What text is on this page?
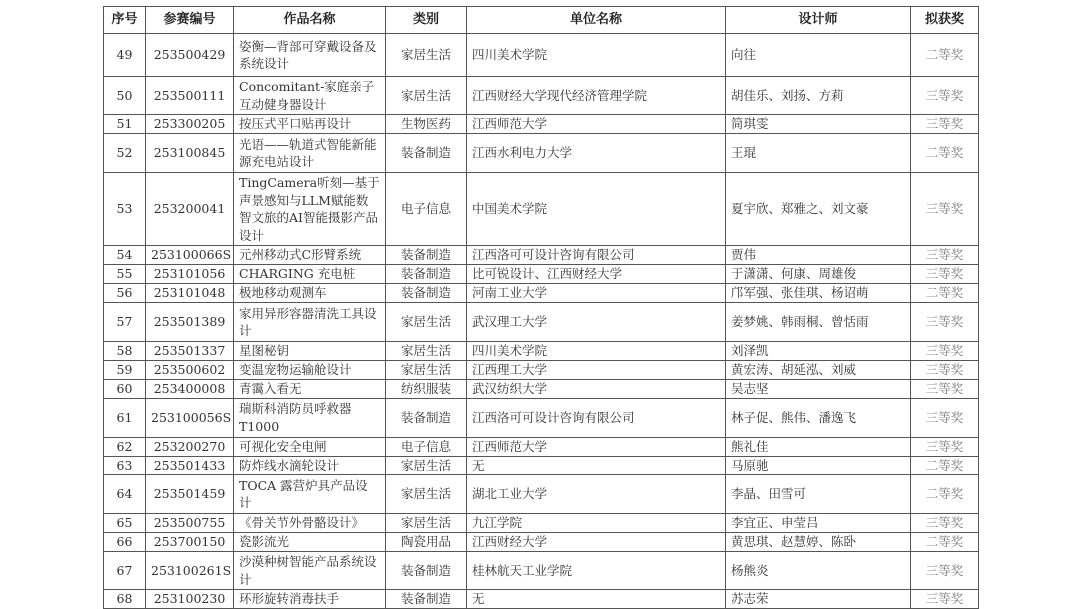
序号	参赛编号	作品名称	类别	单位名称	设计师	拟获奖
49	253500429	姿衡—背部可穿戴设备及系统设计	家居生活	四川美术学院	向往	二等奖
50	253500111	Concomitant-家庭亲子互动健身器设计	家居生活	江西财经大学现代经济管理学院	胡佳乐、刘扬、方莉	三等奖
51	253300205	按压式平口贴再设计	生物医药	江西师范大学	简琪雯	三等奖
52	253100845	光语——轨道式智能新能源充电站设计	装备制造	江西水利电力大学	王琨	二等奖
53	253200041	TingCamera听刻—基于声景感知与LLM赋能数智文旅的AI智能摄影产品设计	电子信息	中国美术学院	夏宇欣、郑雅之、刘文豪	三等奖
54	253100066S	元州移动式C形臂系统	装备制造	江西洛可可设计咨询有限公司	贾伟	三等奖
55	253101056	CHARGING 充电桩	装备制造	比可锐设计、江西财经大学	于潇潇、何康、周雄俊	三等奖
56	253101048	极地移动观测车	装备制造	河南工业大学	邝军强、张佳琪、杨诏萌	二等奖
57	253501389	家用异形容器清洗工具设计	家居生活	武汉理工大学	姜梦姚、韩雨桐、曾恬雨	三等奖
58	253501337	星图秘钥	家居生活	四川美术学院	刘泽凯	三等奖
59	253500602	变温宠物运输舱设计	家居生活	江西理工大学	黄宏涛、胡延泓、刘威	三等奖
60	253400008	青霭入看无	纺织服装	武汉纺织大学	吴志坚	三等奖
61	253100056S	瑞斯科消防员呼救器T1000	装备制造	江西洛可可设计咨询有限公司	林子促、熊伟、潘逸飞	三等奖
62	253200270	可视化安全电闸	电子信息	江西师范大学	熊礼佳	三等奖
63	253501433	防炸线水滴轮设计	家居生活	无	马原驰	二等奖
64	253501459	TOCA 露营炉具产品设计	家居生活	湖北工业大学	李晶、田雪可	二等奖
65	253500755	《骨关节外骨骼设计》	家居生活	九江学院	李宜正、申莹吕	三等奖
66	253700150	瓷影流光	陶瓷用品	江西财经大学	黄思琪、赵慧婷、陈卧	二等奖
67	253100261S	沙漠种树智能产品系统设计	装备制造	桂林航天工业学院	杨熊炎	三等奖
68	253100230	环形旋转消毒扶手	装备制造	无	苏志荣	三等奖
